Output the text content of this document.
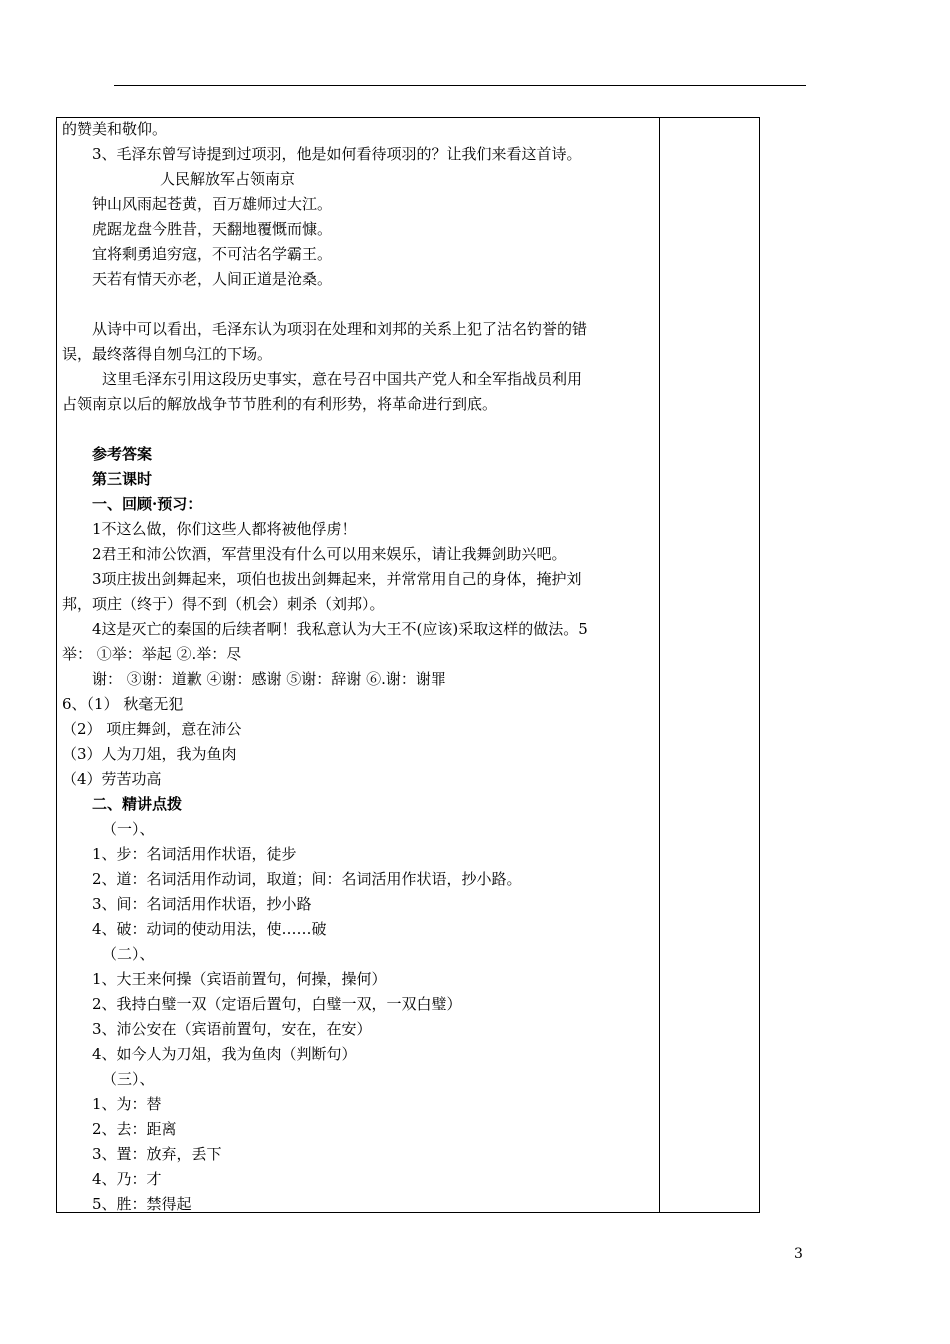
的赞美和敬仰。
3、毛泽东曾写诗提到过项羽，他是如何看待项羽的？让我们来看这首诗。
人民解放军占领南京
钟山风雨起苍黄，百万雄师过大江。
虎踞龙盘今胜昔，天翻地覆慨而慷。
宜将剩勇追穷寇，不可沽名学霸王。
天若有情天亦老，人间正道是沧桑。
从诗中可以看出，毛泽东认为项羽在处理和刘邦的关系上犯了沽名钓誉的错
误，最终落得自刎乌江的下场。
这里毛泽东引用这段历史事实，意在号召中国共产党人和全军指战员利用
占领南京以后的解放战争节节胜利的有利形势，将革命进行到底。
参考答案
第三课时
一、回顾·预习：
1不这么做，你们这些人都将被他俘虏！
2君王和沛公饮酒，军营里没有什么可以用来娱乐，请让我舞剑助兴吧。
3项庄拔出剑舞起来，项伯也拔出剑舞起来，并常常用自己的身体，掩护刘
邦，项庄（终于）得不到（机会）刺杀（刘邦）。
4这是灭亡的秦国的后续者啊！我私意认为大王不(应该)采取这样的做法。5
举： ①举：举起 ②.举：尽
谢： ③谢：道歉 ④谢：感谢 ⑤谢：辞谢 ⑥.谢：谢罪
6、（1） 秋毫无犯
（2） 项庄舞剑，意在沛公
（3）人为刀俎，我为鱼肉
（4）劳苦功高
二、精讲点拨
（一）、
1、步：名词活用作状语，徒步
2、道：名词活用作动词，取道；间：名词活用作状语，抄小路。
3、间：名词活用作状语，抄小路
4、破：动词的使动用法，使……破
（二）、
1、大王来何操（宾语前置句，何操，操何）
2、我持白璧一双（定语后置句，白璧一双，一双白璧）
3、沛公安在（宾语前置句，安在，在安）
4、如今人为刀俎，我为鱼肉（判断句）
（三）、
1、为：替
2、去：距离
3、置：放弃，丢下
4、乃：才
5、胜：禁得起
3
